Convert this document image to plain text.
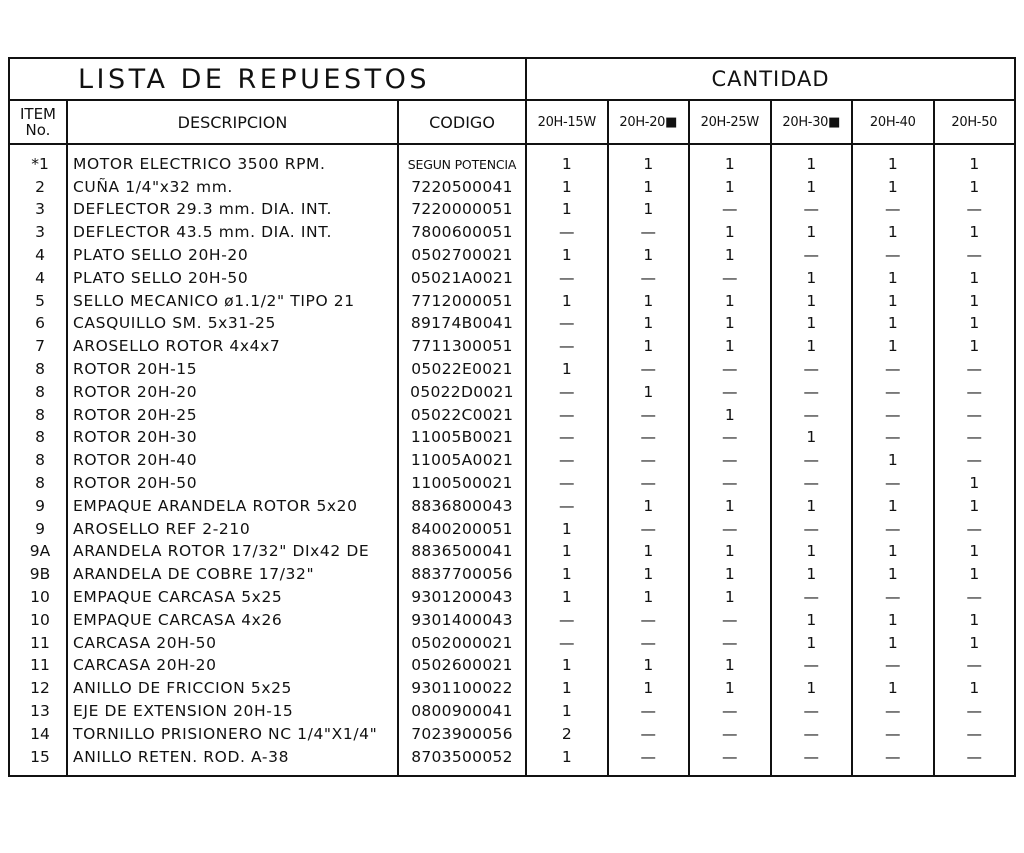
LISTA DE REPUESTOS			CANTIDAD					

ITEM
No.	DESCRIPCION	CODIGO	20H-15W	20H-20■	20H-25W	20H-30■	20H-40	20H-50
*1	MOTOR ELECTRICO 3500 RPM.	SEGUN POTENCIA	1	1	1	1	1	1
2	CUÑA 1/4"x32 mm.	7220500041	1	1	1	1	1	1
3	DEFLECTOR 29.3 mm. DIA. INT.	7220000051	1	1	—	—	—	—
3	DEFLECTOR 43.5 mm. DIA. INT.	7800600051	—	—	1	1	1	1
4	PLATO SELLO 20H-20	0502700021	1	1	1	—	—	—
4	PLATO SELLO 20H-50	05021A0021	—	—	—	1	1	1
5	SELLO MECANICO ø1.1/2" TIPO 21	7712000051	1	1	1	1	1	1
6	CASQUILLO SM. 5x31-25	89174B0041	—	1	1	1	1	1
7	AROSELLO ROTOR 4x4x7	7711300051	—	1	1	1	1	1
8	ROTOR 20H-15	05022E0021	1	—	—	—	—	—
8	ROTOR 20H-20	05022D0021	—	1	—	—	—	—
8	ROTOR 20H-25	05022C0021	—	—	1	—	—	—
8	ROTOR 20H-30	11005B0021	—	—	—	1	—	—
8	ROTOR 20H-40	11005A0021	—	—	—	—	1	—
8	ROTOR 20H-50	1100500021	—	—	—	—	—	1
9	EMPAQUE ARANDELA ROTOR 5x20	8836800043	—	1	1	1	1	1
9	AROSELLO REF 2-210	8400200051	1	—	—	—	—	—
9A	ARANDELA ROTOR 17/32" DIx42 DE	8836500041	1	1	1	1	1	1
9B	ARANDELA DE COBRE 17/32"	8837700056	1	1	1	1	1	1
10	EMPAQUE CARCASA 5x25	9301200043	1	1	1	—	—	—
10	EMPAQUE CARCASA 4x26	9301400043	—	—	—	1	1	1
11	CARCASA 20H-50	0502000021	—	—	—	1	1	1
11	CARCASA 20H-20	0502600021	1	1	1	—	—	—
12	ANILLO DE FRICCION 5x25	9301100022	1	1	1	1	1	1
13	EJE DE EXTENSION 20H-15	0800900041	1	—	—	—	—	—
14	TORNILLO PRISIONERO NC 1/4"X1/4"	7023900056	2	—	—	—	—	—
15	ANILLO RETEN. ROD. A-38	8703500052	1	—	—	—	—	—
